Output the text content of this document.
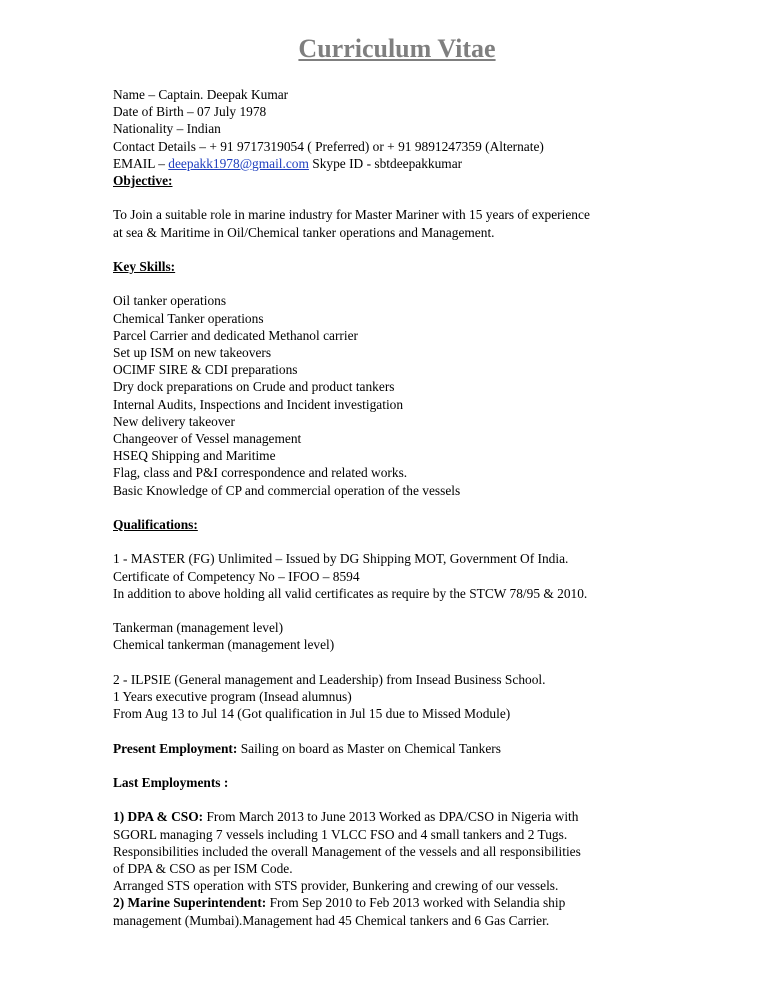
Curriculum Vitae
Name – Captain. Deepak Kumar
Date of Birth – 07 July 1978
Nationality – Indian
Contact Details – + 91 9717319054 ( Preferred) or + 91 9891247359 (Alternate)
EMAIL – deepakk1978@gmail.com Skype ID - sbtdeepakkumar
Objective:
To Join a suitable role in marine industry for Master Mariner with 15 years of experience
at sea & Maritime in Oil/Chemical tanker operations and Management.
Key Skills:
Oil tanker operations
Chemical Tanker operations
Parcel Carrier and dedicated Methanol carrier
Set up ISM on new takeovers
OCIMF SIRE & CDI preparations
Dry dock preparations on Crude and product tankers
Internal Audits, Inspections and Incident investigation
New delivery takeover
Changeover of Vessel management
HSEQ Shipping and Maritime
Flag, class and P&I correspondence and related works.
Basic Knowledge of CP and commercial operation of the vessels
Qualifications:
1 - MASTER (FG) Unlimited – Issued by DG Shipping MOT, Government Of India.
Certificate of Competency No – IFOO – 8594
In addition to above holding all valid certificates as require by the STCW 78/95 & 2010.
Tankerman (management level)
Chemical tankerman (management level)
2 - ILPSIE (General management and Leadership) from Insead Business School.
1 Years executive program (Insead alumnus)
From Aug 13 to Jul 14 (Got qualification in Jul 15 due to Missed Module)
Present Employment: Sailing on board as Master on Chemical Tankers
Last Employments :
1) DPA & CSO: From March 2013 to June 2013 Worked as DPA/CSO in Nigeria with
SGORL managing 7 vessels including 1 VLCC FSO and 4 small tankers and 2 Tugs.
Responsibilities included the overall Management of the vessels and all responsibilities
of DPA & CSO as per ISM Code.
Arranged STS operation with STS provider, Bunkering and crewing of our vessels.
2) Marine Superintendent: From Sep 2010 to Feb 2013 worked with Selandia ship
management (Mumbai).Management had 45 Chemical tankers and 6 Gas Carrier.
